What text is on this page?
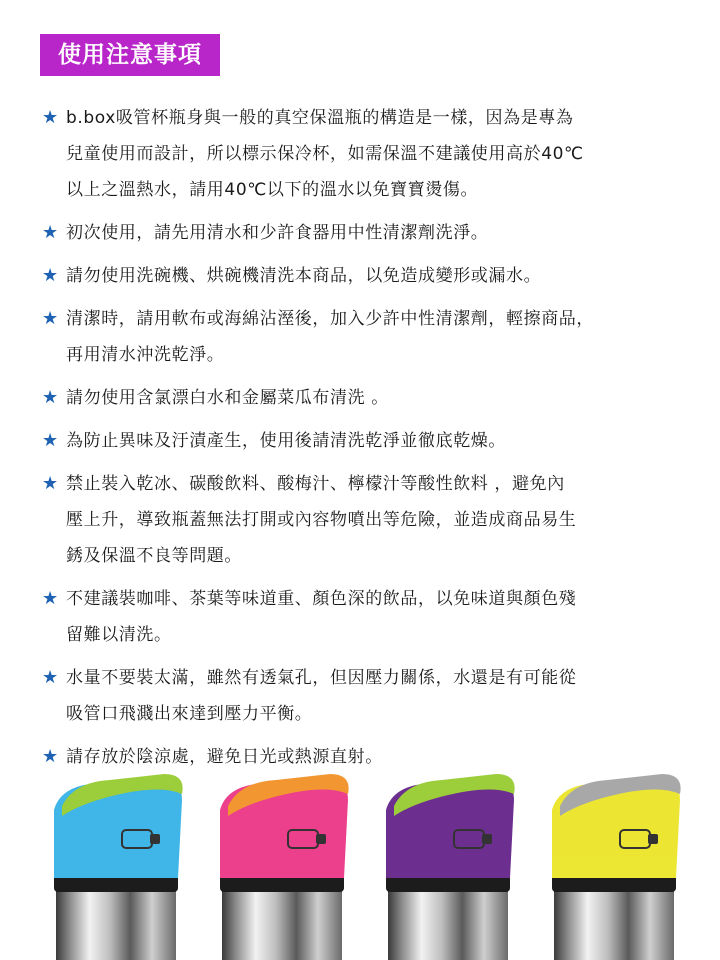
使用注意事項
★ b.box吸管杯瓶身與一般的真空保溫瓶的構造是一樣，因為是專為
兒童使用而設計，所以標示保冷杯，如需保溫不建議使用高於40℃
以上之溫熱水，請用40℃以下的溫水以免寶寶燙傷。
★ 初次使用，請先用清水和少許食器用中性清潔劑洗淨。
★ 請勿使用洗碗機、烘碗機清洗本商品，以免造成變形或漏水。
★ 清潔時，請用軟布或海綿沾溼後，加入少許中性清潔劑，輕擦商品，
再用清水沖洗乾淨。
★ 請勿使用含氯漂白水和金屬菜瓜布清洗 。
★ 為防止異味及汙漬產生，使用後請清洗乾淨並徹底乾燥。
★ 禁止裝入乾冰、碳酸飲料、酸梅汁、檸檬汁等酸性飲料 ，避免內
壓上升，導致瓶蓋無法打開或內容物噴出等危險，並造成商品易生
銹及保溫不良等問題。
★ 不建議裝咖啡、茶葉等味道重、顏色深的飲品，以免味道與顏色殘
留難以清洗。
★ 水量不要裝太滿，雖然有透氣孔，但因壓力關係，水還是有可能從
吸管口飛濺出來達到壓力平衡。
★ 請存放於陰涼處，避免日光或熱源直射。
